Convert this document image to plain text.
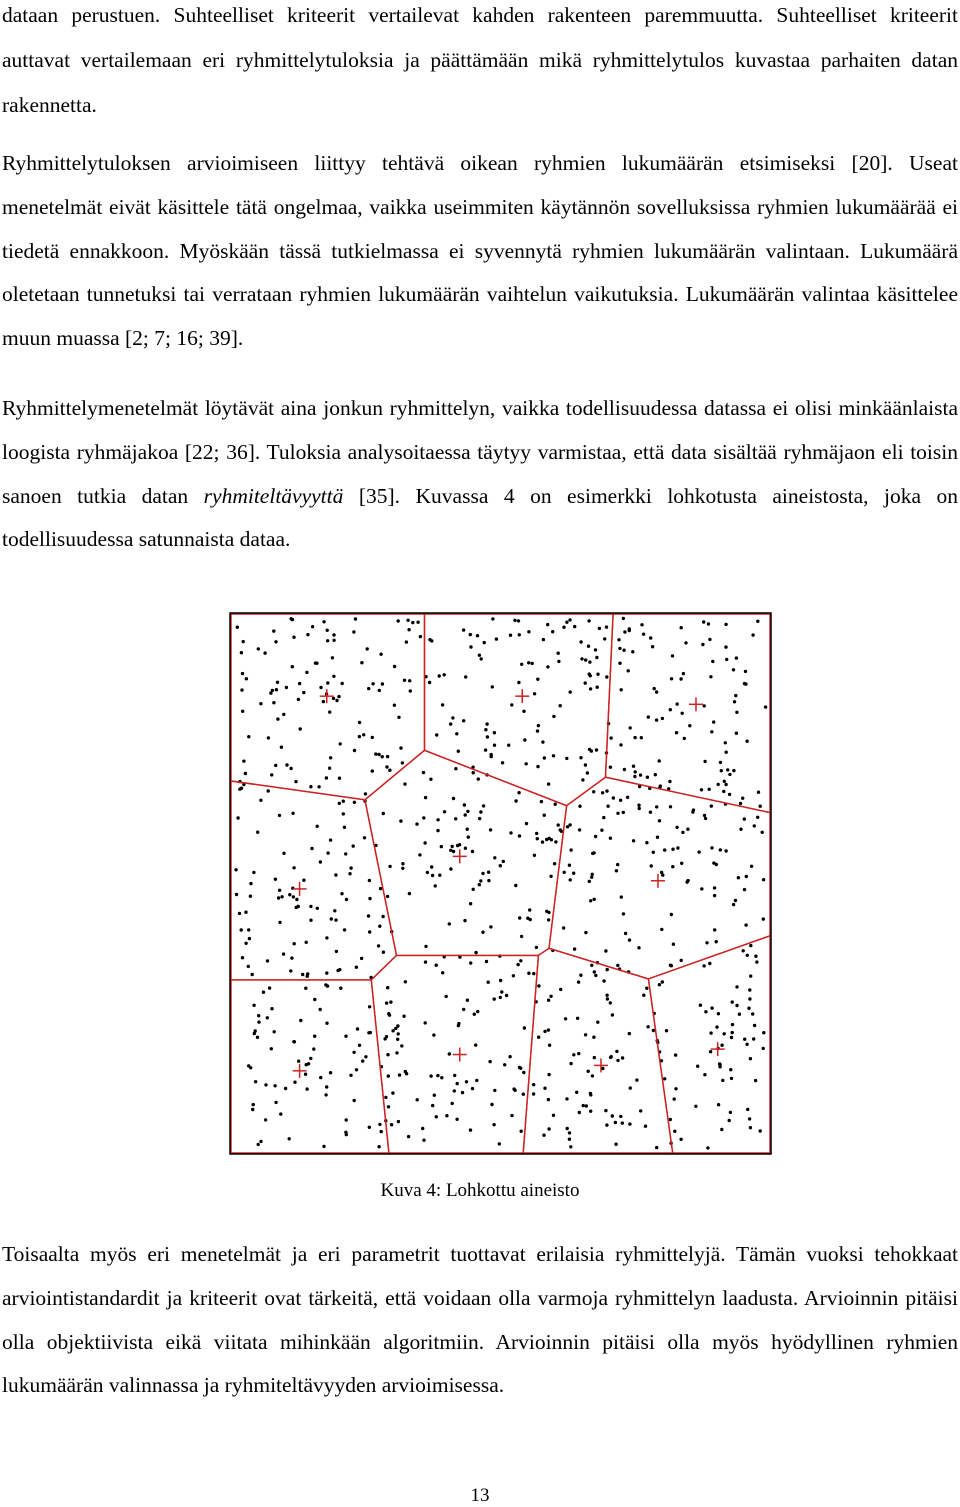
dataan perustuen. Suhteelliset kriteerit vertailevat kahden rakenteen paremmuutta. Suhteelliset kriteerit auttavat vertailemaan eri ryhmittelytuloksia ja päättämään mikä ryhmittelytulos kuvastaa parhaiten datan rakennetta.

Ryhmittelytuloksen arvioimiseen liittyy tehtävä oikean ryhmien lukumäärän etsimiseksi [20]. Useat menetelmät eivät käsittele tätä ongelmaa, vaikka useimmiten käytännön sovelluksissa ryhmien lukumäärää ei tiedetä ennakkoon. Myöskään tässä tutkielmassa ei syvennytä ryhmien lukumäärän valintaan. Lukumäärä oletetaan tunnetuksi tai verrataan ryhmien lukumäärän vaihtelun vaikutuksia. Lukumäärän valintaa käsittelee muun muassa [2; 7; 16; 39].

Ryhmittelymenetelmät löytävät aina jonkun ryhmittelyn, vaikka todellisuudessa datassa ei olisi minkäänlaista loogista ryhmäjakoa [22; 36]. Tuloksia analysoitaessa täytyy varmistaa, että data sisältää ryhmäjaon eli toisin sanoen tutkia datan ryhmiteltävyyttä [35]. Kuvassa 4 on esimerkki lohkotusta aineistosta, joka on todellisuudessa satunnaista dataa.

Kuva 4: Lohkottu aineisto

Toisaalta myös eri menetelmät ja eri parametrit tuottavat erilaisia ryhmittelyjä. Tämän vuoksi tehokkaat arviointistandardit ja kriteerit ovat tärkeitä, että voidaan olla varmoja ryhmittelyn laadusta. Arvioinnin pitäisi olla objektiivista eikä viitata mihinkään algoritmiin. Arvioinnin pitäisi olla myös hyödyllinen ryhmien lukumäärän valinnassa ja ryhmiteltävyyden arvioimisessa.

13
